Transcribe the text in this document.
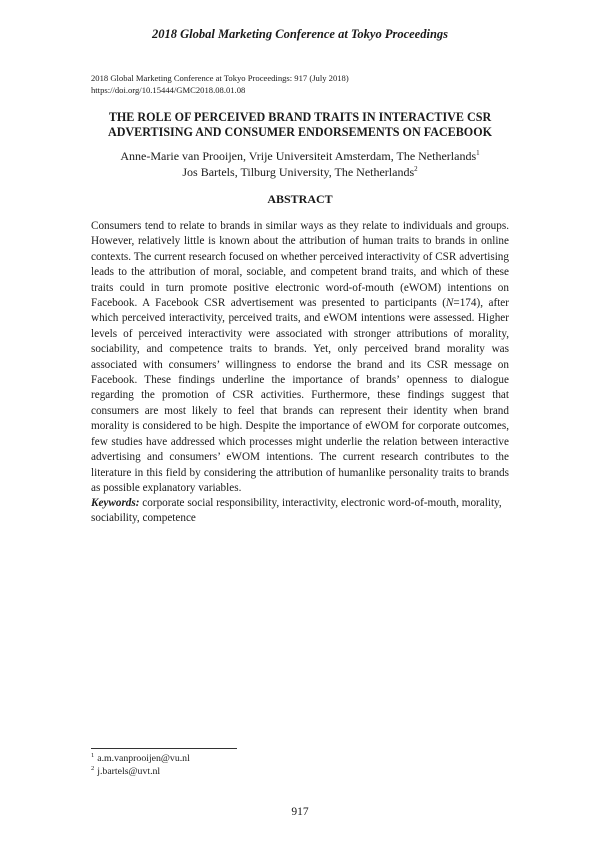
2018 Global Marketing Conference at Tokyo Proceedings
2018 Global Marketing Conference at Tokyo Proceedings: 917 (July 2018)
https://doi.org/10.15444/GMC2018.08.01.08
THE ROLE OF PERCEIVED BRAND TRAITS IN INTERACTIVE CSR
ADVERTISING AND CONSUMER ENDORSEMENTS ON FACEBOOK
Anne-Marie van Prooijen, Vrije Universiteit Amsterdam, The Netherlands$^1$
Jos Bartels, Tilburg University, The Netherlands$^2$
ABSTRACT

Consumers tend to relate to brands in similar ways as they relate to individuals and groups. However, relatively little is known about the attribution of human traits to brands in online contexts. The current research focused on whether perceived interactivity of CSR advertising leads to the attribution of moral, sociable, and competent brand traits, and which of these traits could in turn promote positive electronic word-of-mouth (eWOM) intentions on Facebook. A Facebook CSR advertisement was presented to participants (N=174), after which perceived interactivity, perceived traits, and eWOM intentions were assessed. Higher levels of perceived interactivity were associated with stronger attributions of morality, sociability, and competence traits to brands. Yet, only perceived brand morality was associated with consumers’ willingness to endorse the brand and its CSR message on Facebook. These findings underline the importance of brands’ openness to dialogue regarding the promotion of CSR activities. Furthermore, these findings suggest that consumers are most likely to feel that brands can represent their identity when brand morality is considered to be high. Despite the importance of eWOM for corporate outcomes, few studies have addressed which processes might underlie the relation between interactive advertising and consumers’ eWOM intentions. The current research contributes to the literature in this field by considering the attribution of humanlike personality traits to brands as possible explanatory variables.

Keywords: corporate social responsibility, interactivity, electronic word-of-mouth, morality, sociability, competence

$^1$ a.m.vanprooijen@vu.nl
$^2$ j.bartels@uvt.nl
917
